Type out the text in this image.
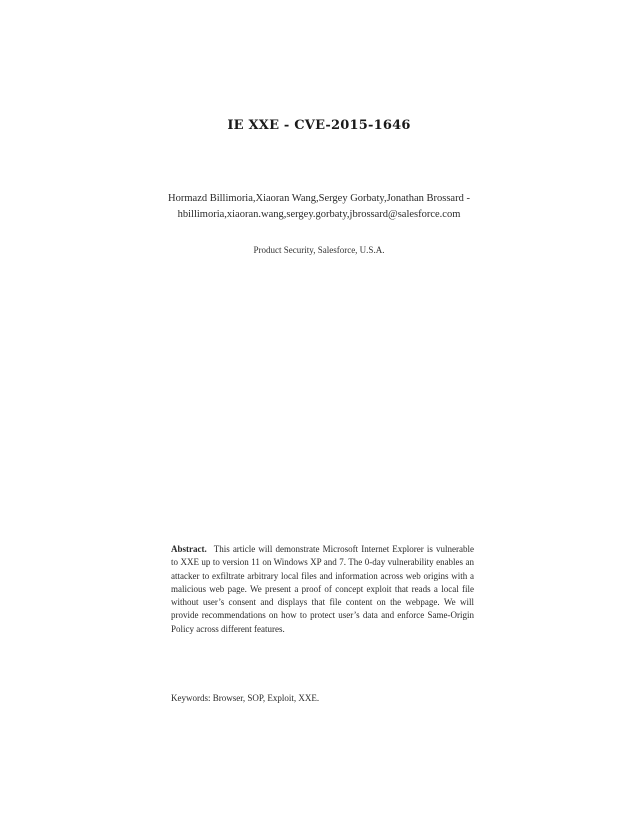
IE XXE - CVE-2015-1646
Hormazd Billimoria,Xiaoran Wang,Sergey Gorbaty,Jonathan Brossard -
hbillimoria,xiaoran.wang,sergey.gorbaty,jbrossard@salesforce.com
Product Security, Salesforce, U.S.A.

Abstract. This article will demonstrate Microsoft Internet Explorer is vulnerable to XXE up to version 11 on Windows XP and 7. The 0-day vulnerability enables an attacker to exfiltrate arbitrary local files and information across web origins with a malicious web page. We present a proof of concept exploit that reads a local file without user’s consent and displays that file content on the webpage. We will provide recommendations on how to protect user’s data and enforce Same-Origin Policy across different features.

Keywords: Browser, SOP, Exploit, XXE.
